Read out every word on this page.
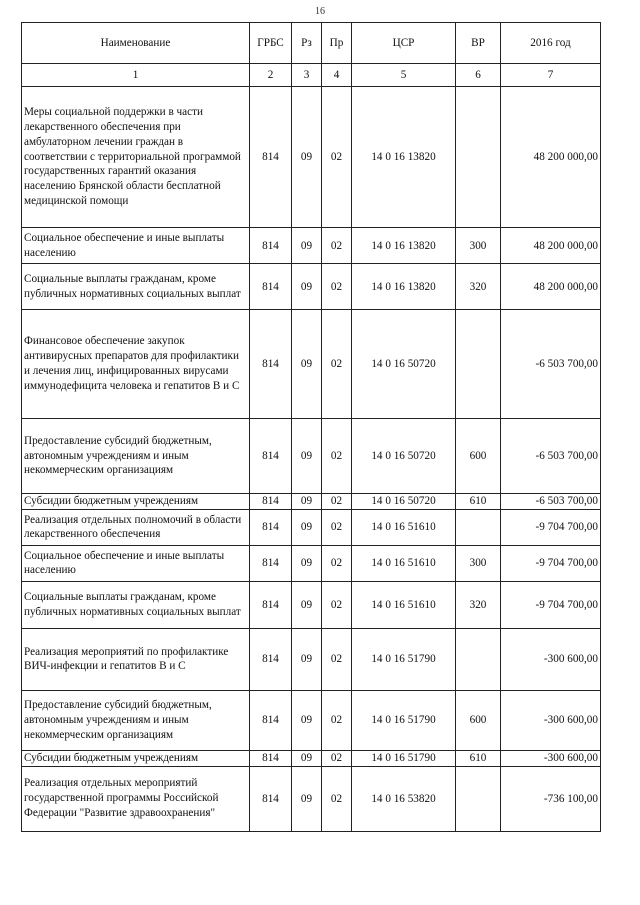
16
Наименование	ГРБС	Рз	Пр	ЦСР	ВР	2016 год
1	2	3	4	5	6	7
Меры социальной поддержки в части лекарственного обеспечения при амбулаторном лечении граждан в соответствии с территориальной программой государственных гарантий оказания населению Брянской области бесплатной медицинской помощи	814	09	02	14 0 16 13820		48 200 000,00
Социальное обеспечение и иные выплаты населению	814	09	02	14 0 16 13820	300	48 200 000,00
Социальные выплаты гражданам, кроме публичных нормативных социальных выплат	814	09	02	14 0 16 13820	320	48 200 000,00
Финансовое обеспечение закупок антивирусных препаратов для профилактики и лечения лиц, инфицированных вирусами иммунодефицита человека и гепатитов В и С	814	09	02	14 0 16 50720		-6 503 700,00
Предоставление субсидий бюджетным, автономным учреждениям и иным некоммерческим организациям	814	09	02	14 0 16 50720	600	-6 503 700,00
Субсидии бюджетным учреждениям	814	09	02	14 0 16 50720	610	-6 503 700,00
Реализация отдельных полномочий в области лекарственного обеспечения	814	09	02	14 0 16 51610		-9 704 700,00
Социальное обеспечение и иные выплаты населению	814	09	02	14 0 16 51610	300	-9 704 700,00
Социальные выплаты гражданам, кроме публичных нормативных социальных выплат	814	09	02	14 0 16 51610	320	-9 704 700,00
Реализация мероприятий по профилактике ВИЧ-инфекции и гепатитов В и С	814	09	02	14 0 16 51790		-300 600,00
Предоставление субсидий бюджетным, автономным учреждениям и иным некоммерческим организациям	814	09	02	14 0 16 51790	600	-300 600,00
Субсидии бюджетным учреждениям	814	09	02	14 0 16 51790	610	-300 600,00
Реализация отдельных мероприятий государственной программы Российской Федерации "Развитие здравоохранения"	814	09	02	14 0 16 53820		-736 100,00
